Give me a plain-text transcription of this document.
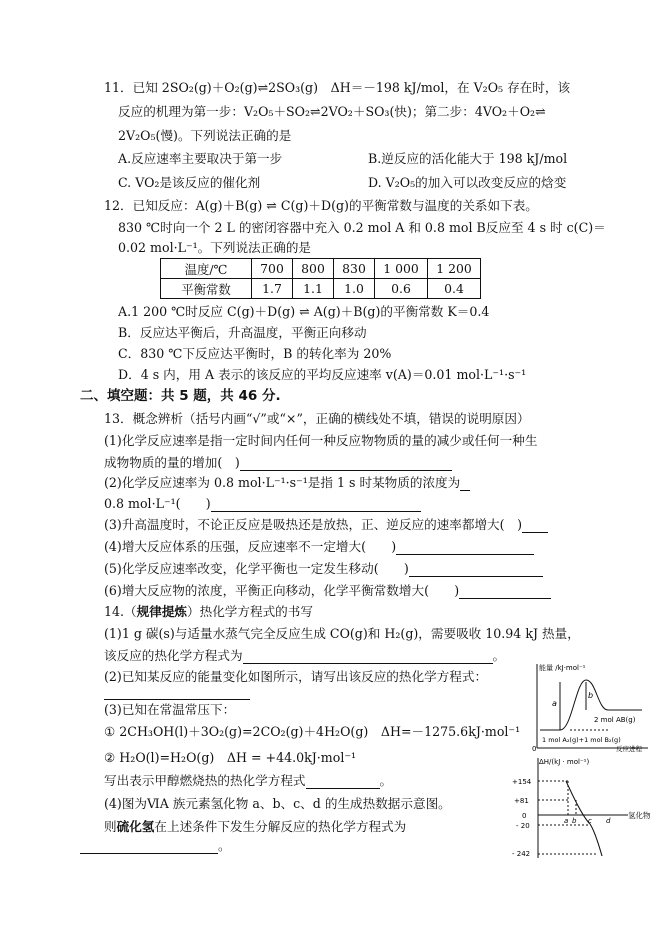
11．已知 2SO₂(g)＋O₂(g)⇌2SO₃(g)　ΔH＝－198 kJ/mol，在 V₂O₅ 存在时，该
反应的机理为第一步：V₂O₅＋SO₂⇌2VO₂＋SO₃(快)；第二步：4VO₂＋O₂⇌
2V₂O₅(慢)。下列说法正确的是
A.反应速率主要取决于第一步	B.逆反应的活化能大于 198 kJ/mol
C. VO₂是该反应的催化剂	D. V₂O₅的加入可以改变反应的焓变
12．已知反应：A(g)＋B(g) ⇌ C(g)＋D(g)的平衡常数与温度的关系如下表。
830 ℃时向一个 2 L 的密闭容器中充入 0.2 mol A 和 0.8 mol B反应至 4 s 时 c(C)＝
0.02 mol·L⁻¹。下列说法正确的是
温度/℃	700	800	830	1 000	1 200
平衡常数	1.7	1.1	1.0	0.6	0.4
A.1 200 ℃时反应 C(g)＋D(g) ⇌ A(g)＋B(g)的平衡常数 K＝0.4
B．反应达平衡后，升高温度，平衡正向移动
C．830 ℃下反应达平衡时，B 的转化率为 20%
D．4 s 内，用 A 表示的该反应的平均反应速率 v(A)＝0.01 mol·L⁻¹·s⁻¹
二、填空题：共 5 题，共 46 分.
13．概念辨析（括号内画“√”或“×”，正确的横线处不填，错误的说明原因）
(1)化学反应速率是指一定时间内任何一种反应物物质的量的减少或任何一种生
成物物质的量的增加(　)
(2)化学反应速率为 0.8 mol·L⁻¹·s⁻¹是指 1 s 时某物质的浓度为
0.8 mol·L⁻¹(　　)
(3)升高温度时，不论正反应是吸热还是放热，正、逆反应的速率都增大(　)
(4)增大反应体系的压强，反应速率不一定增大(　　)
(5)化学反应速率改变，化学平衡也一定发生移动(　　)
(6)增大反应物的浓度，平衡正向移动，化学平衡常数增大(　　)
14.（规律提炼）热化学方程式的书写
(1)1 g 碳(s)与适量水蒸气完全反应生成 CO(g)和 H₂(g)，需要吸收 10.94 kJ 热量，
该反应的热化学方程式为	。
(2)已知某反应的能量变化如图所示，请写出该反应的热化学方程式：
(3)已知在常温常压下：
① 2CH₃OH(l)＋3O₂(g)=2CO₂(g)＋4H₂O(g)　ΔH=－1275.6kJ·mol⁻¹
② H₂O(l)=H₂O(g)　ΔH = +44.0kJ·mol⁻¹
写出表示甲醇燃烧热的热化学方程式	。
(4)图为ⅥA 族元素氢化物 a、b、c、d 的生成热数据示意图。
则硫化氢在上述条件下发生分解反应的热化学方程式为
。
能量 /kJ·mol⁻¹
a
b
2 mol AB(g)
1 mol A₂(g)+1 mol B₂(g)
0	反应进程
ΔH/(kJ · mol⁻¹)
+154
+81
0
- 20
- 242
a b c d
氢化物
